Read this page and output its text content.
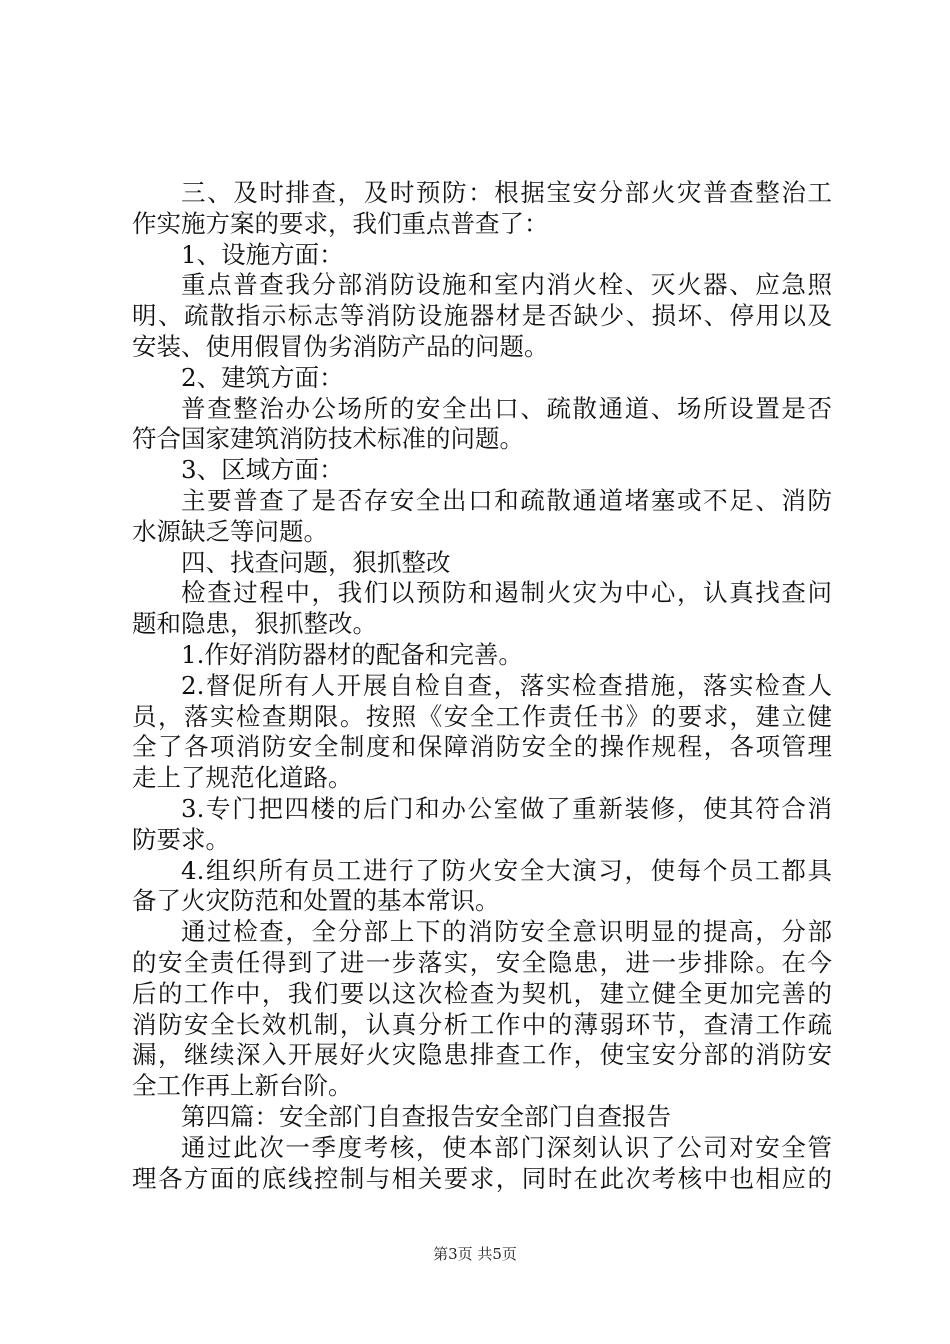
三、及时排查，及时预防：根据宝安分部火灾普查整治工
作实施方案的要求，我们重点普查了：
1、设施方面：
重点普查我分部消防设施和室内消火栓、灭火器、应急照
明、疏散指示标志等消防设施器材是否缺少、损坏、停用以及
安装、使用假冒伪劣消防产品的问题。
2、建筑方面：
普查整治办公场所的安全出口、疏散通道、场所设置是否
符合国家建筑消防技术标准的问题。
3、区域方面：
主要普查了是否存安全出口和疏散通道堵塞或不足、消防
水源缺乏等问题。
四、找查问题，狠抓整改
检查过程中，我们以预防和遏制火灾为中心，认真找查问
题和隐患，狠抓整改。
1.作好消防器材的配备和完善。
2.督促所有人开展自检自查，落实检查措施，落实检查人
员，落实检查期限。按照《安全工作责任书》的要求，建立健
全了各项消防安全制度和保障消防安全的操作规程，各项管理
走上了规范化道路。
3.专门把四楼的后门和办公室做了重新装修，使其符合消
防要求。
4.组织所有员工进行了防火安全大演习，使每个员工都具
备了火灾防范和处置的基本常识。
通过检查，全分部上下的消防安全意识明显的提高，分部
的安全责任得到了进一步落实，安全隐患，进一步排除。在今
后的工作中，我们要以这次检查为契机，建立健全更加完善的
消防安全长效机制，认真分析工作中的薄弱环节，查清工作疏
漏，继续深入开展好火灾隐患排查工作，使宝安分部的消防安
全工作再上新台阶。
第四篇：安全部门自查报告安全部门自查报告
通过此次一季度考核，使本部门深刻认识了公司对安全管
理各方面的底线控制与相关要求，同时在此次考核中也相应的
第3页 共5页
